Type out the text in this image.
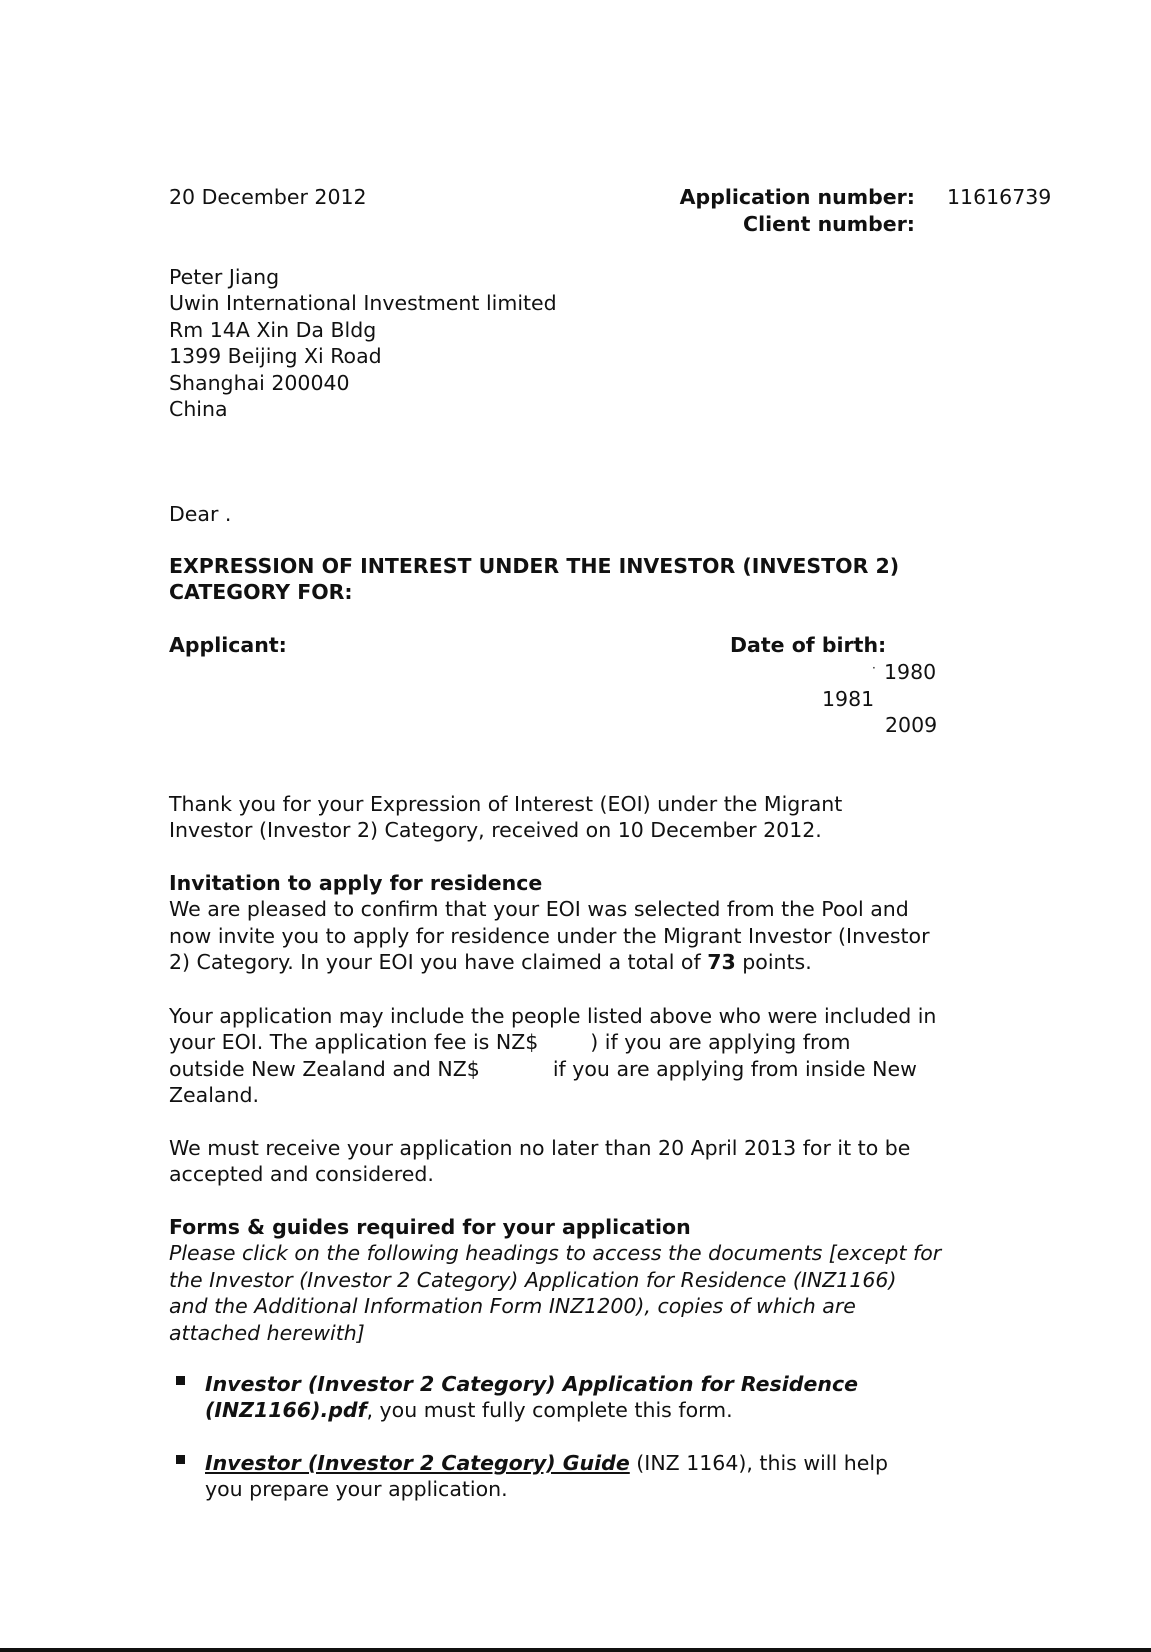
20 December 2012	Application number: 11616739
Client number:
Peter Jiang
Uwin International Investment limited
Rm 14A Xin Da Bldg
1399 Beijing Xi Road
Shanghai 200040
China
Dear .
EXPRESSION OF INTEREST UNDER THE INVESTOR (INVESTOR 2)
CATEGORY FOR:
Applicant:	Date of birth:
· 1980
1981
2009
Thank you for your Expression of Interest (EOI) under the Migrant
Investor (Investor 2) Category, received on 10 December 2012.
Invitation to apply for residence
We are pleased to confirm that your EOI was selected from the Pool and
now invite you to apply for residence under the Migrant Investor (Investor
2) Category. In your EOI you have claimed a total of 73 points.
Your application may include the people listed above who were included in
your EOI. The application fee is NZ$	) if you are applying from
outside New Zealand and NZ$	if you are applying from inside New
Zealand.
We must receive your application no later than 20 April 2013 for it to be
accepted and considered.
Forms & guides required for your application
Please click on the following headings to access the documents [except for
the Investor (Investor 2 Category) Application for Residence (INZ1166)
and the Additional Information Form INZ1200), copies of which are
attached herewith]
Investor (Investor 2 Category) Application for Residence
(INZ1166).pdf, you must fully complete this form.
Investor (Investor 2 Category) Guide (INZ 1164), this will help
you prepare your application.
